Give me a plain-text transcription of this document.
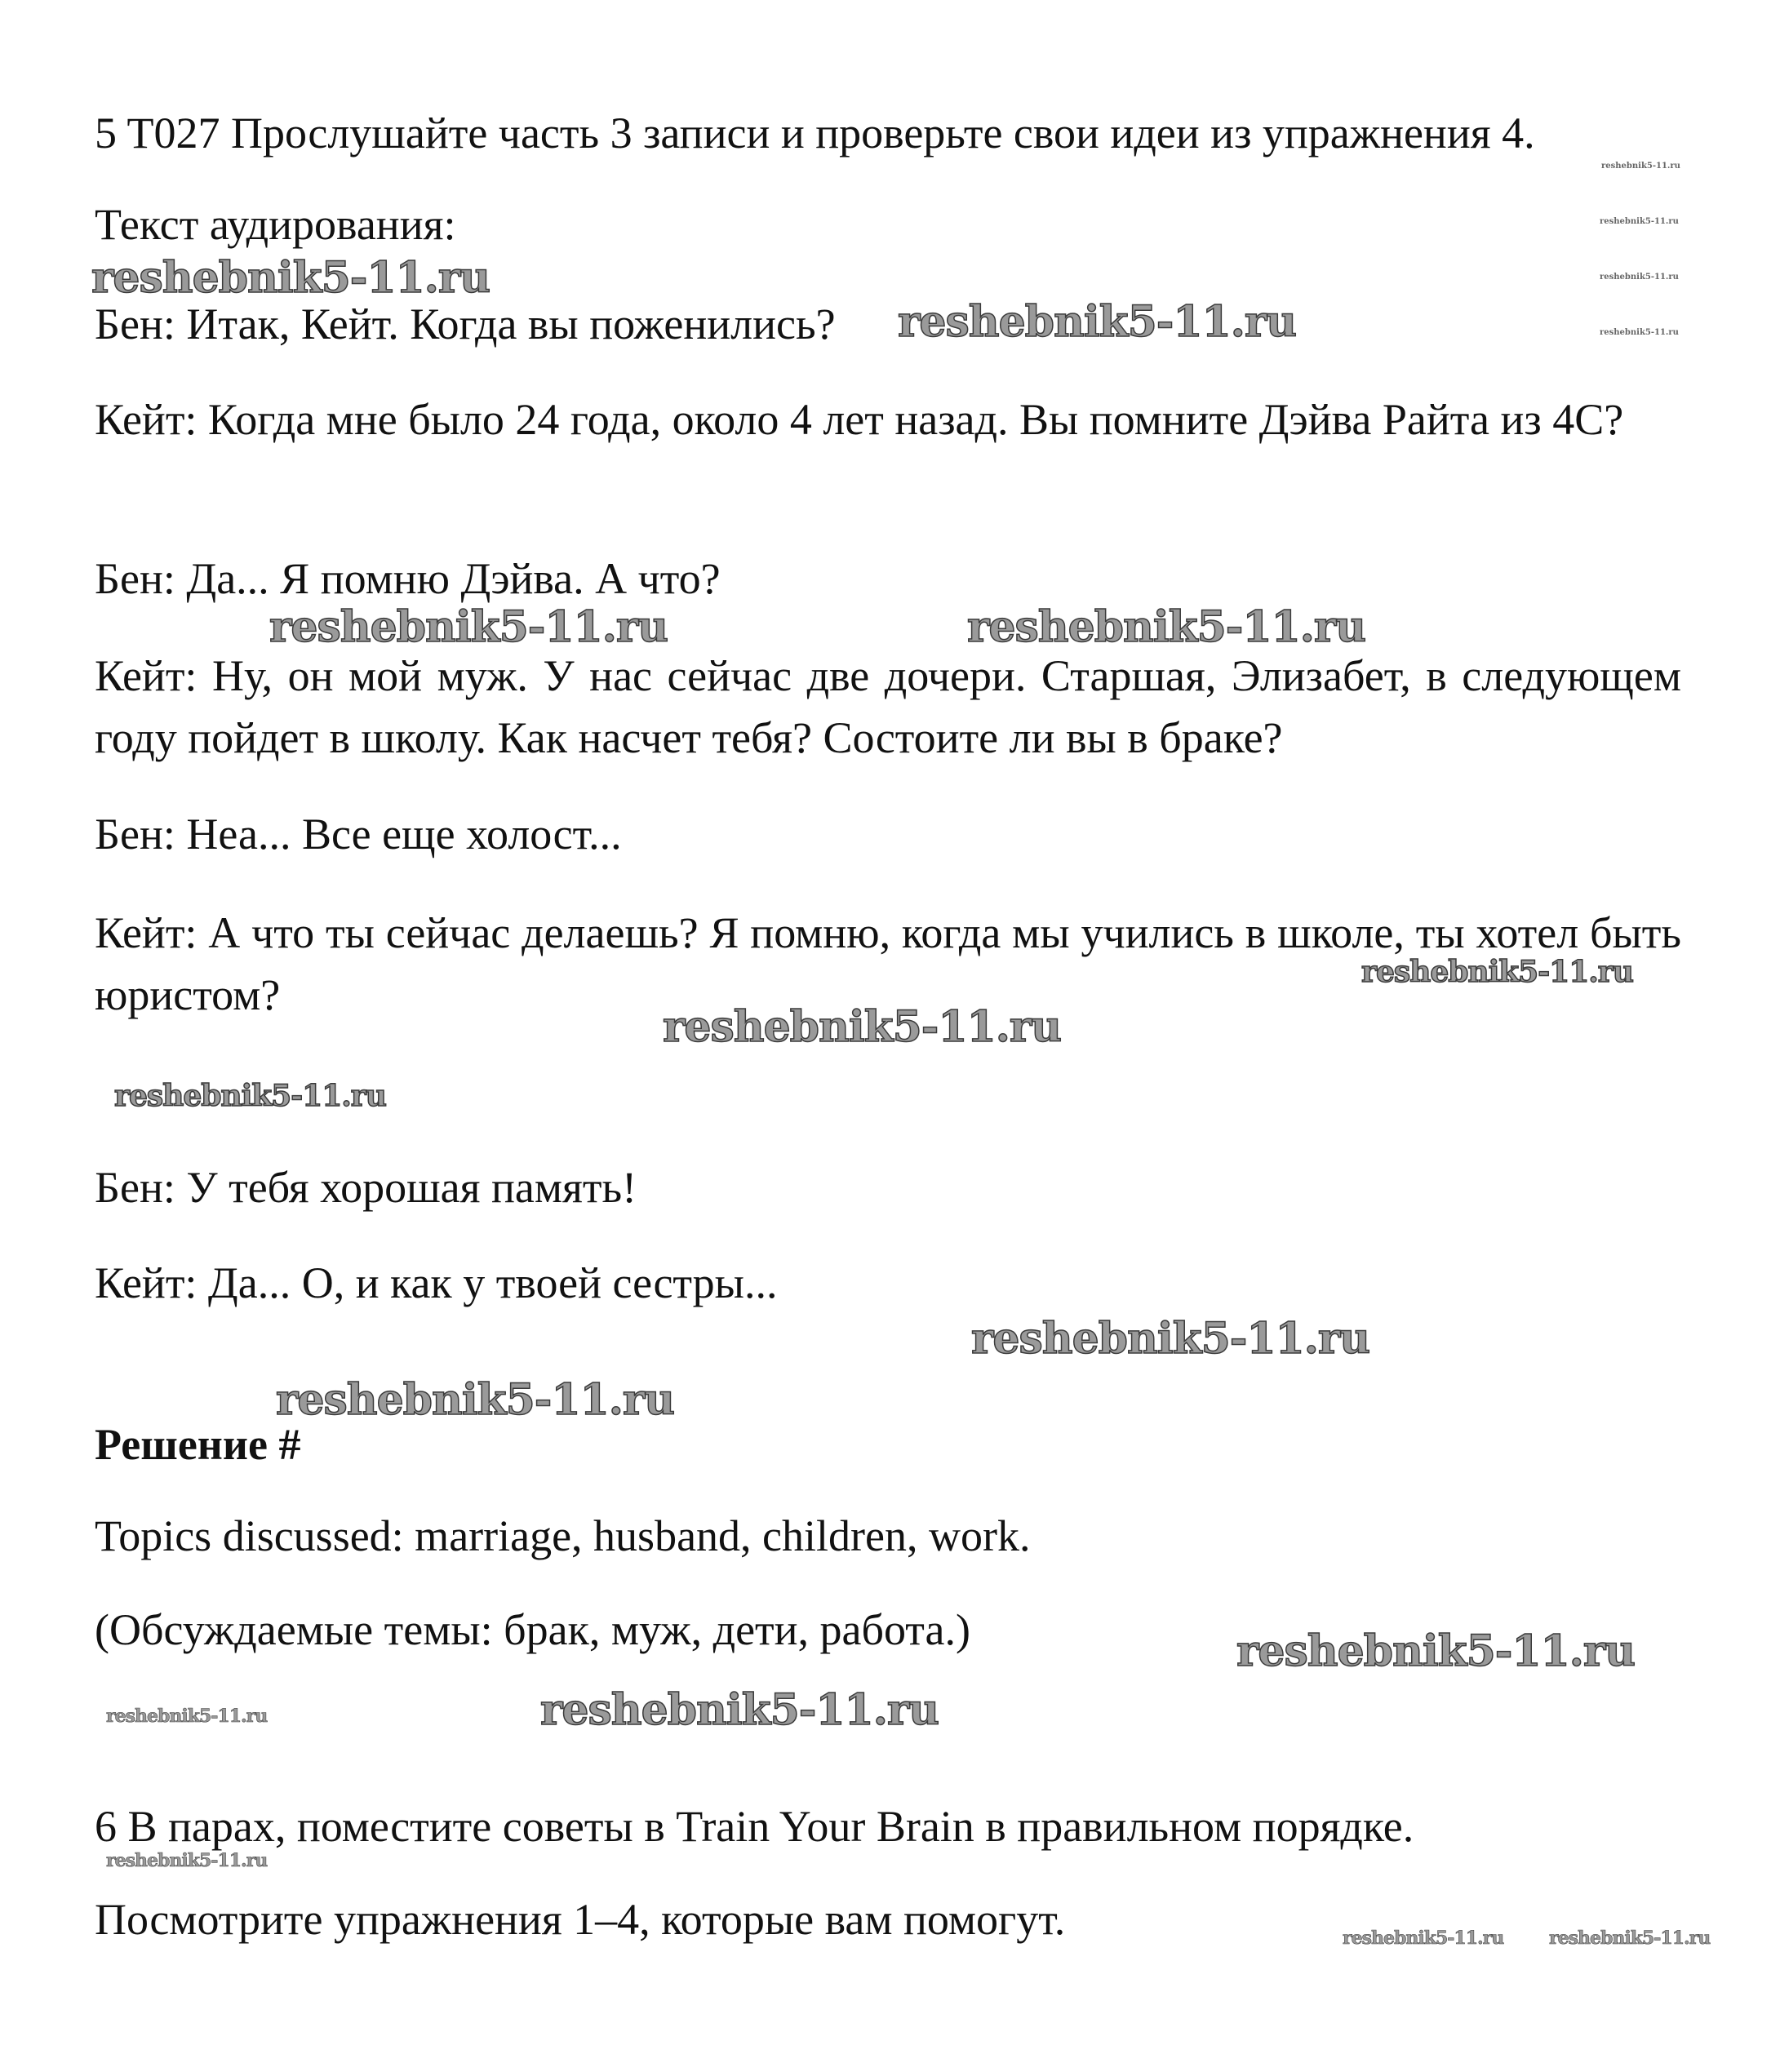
5 T027 Прослушайте часть 3 записи и проверьте свои идеи из упражнения 4.

Текст аудирования:

Бен: Итак, Кейт. Когда вы поженились?

Кейт: Когда мне было 24 года, около 4 лет назад. Вы помните Дэйва Райта из 4С?

Бен: Да... Я помню Дэйва. А что?

Кейт: Ну, он мой муж. У нас сейчас две дочери. Старшая, Элизабет, в следующем году пойдет в школу. Как насчет тебя? Состоите ли вы в браке?

Бен: Неа... Все еще холост...

Кейт: А что ты сейчас делаешь? Я помню, когда мы учились в школе, ты хотел быть юристом?

Бен: У тебя хорошая память!

Кейт: Да... О, и как у твоей сестры...

Решение #

Topics discussed: marriage, husband, children, work.

(Обсуждаемые темы: брак, муж, дети, работа.)

6 В парах, поместите советы в Train Your Brain в правильном порядке.

Посмотрите упражнения 1–4, которые вам помогут.

reshebnik5-11.ru
reshebnik5-11.ru
reshebnik5-11.ru	reshebnik5-11.ru
reshebnik5-11.ru
reshebnik5-11.ru
reshebnik5-11.ru
reshebnik5-11.ru
reshebnik5-11.ru
reshebnik5-11.ru
reshebnik5-11.ru
reshebnik5-11.ru
reshebnik5-11.ru
reshebnik5-11.ru	reshebnik5-11.ru
reshebnik5-11.ru
reshebnik5-11.ru
reshebnik5-11.ru
reshebnik5-11.ru
